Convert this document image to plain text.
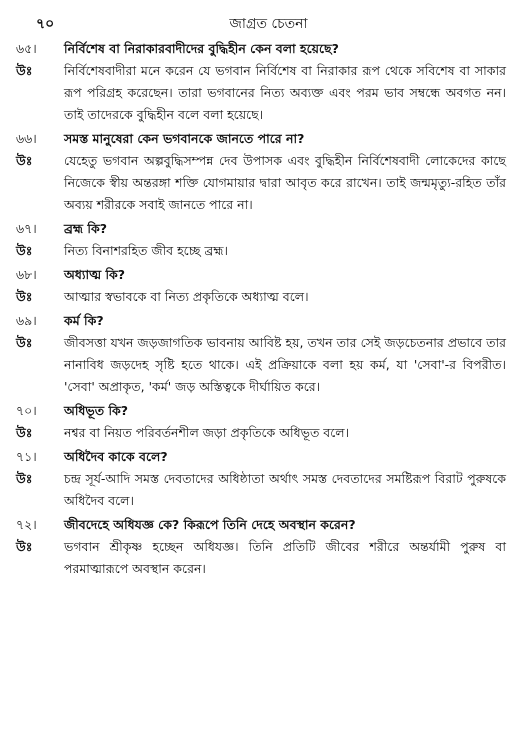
৭০	জাগ্রত চেতনা
৬৫।	নির্বিশেষ বা নিরাকারবাদীদের বুদ্ধিহীন কেন বলা হয়েছে?
উঃ	নির্বিশেষবাদীরা মনে করেন যে ভগবান নির্বিশেষ বা নিরাকার রূপ থেকে সবিশেষ বা সাকার রূপ পরিগ্রহ করেছেন। তারা ভগবানের নিত্য অব্যক্ত এবং পরম ভাব সম্বন্ধে অবগত নন। তাই তাদেরকে বুদ্ধিহীন বলে বলা হয়েছে।
৬৬।	সমস্ত মানুষেরা কেন ভগবানকে জানতে পারে না?
উঃ	যেহেতু ভগবান অল্পবুদ্ধিসম্পন্ন দেব উপাসক এবং বুদ্ধিহীন নির্বিশেষবাদী লোকেদের কাছে নিজেকে স্বীয় অন্তরঙ্গা শক্তি যোগমায়ার দ্বারা আবৃত করে রাখেন। তাই জন্মমৃত্যু-রহিত তাঁর অব্যয় শরীরকে সবাই জানতে পারে না।
৬৭।	ব্রহ্ম কি?
উঃ	নিত্য বিনাশরহিত জীব হচ্ছে ব্রহ্ম।
৬৮।	অধ্যাত্ম কি?
উঃ	আত্মার স্বভাবকে বা নিত্য প্রকৃতিকে অধ্যাত্ম বলে।
৬৯।	কর্ম কি?
উঃ	জীবসত্তা যখন জড়জাগতিক ভাবনায় আবিষ্ট হয়, তখন তার সেই জড়চেতনার প্রভাবে তার নানাবিধ জড়দেহ সৃষ্টি হতে থাকে। এই প্রক্রিয়াকে বলা হয় কর্ম, যা 'সেবা'-র বিপরীত। 'সেবা' অপ্রাকৃত, 'কর্ম' জড় অস্তিত্বকে দীর্ঘায়িত করে।
৭০।	অধিভূত কি?
উঃ	নশ্বর বা নিয়ত পরিবর্তনশীল জড়া প্রকৃতিকে অধিভূত বলে।
৭১।	অধিদৈব কাকে বলে?
উঃ	চন্দ্র সূর্য-আদি সমস্ত দেবতাদের অধিষ্ঠাতা অর্থাৎ সমস্ত দেবতাদের সমষ্টিরূপ বিরাট পুরুষকে অধিদৈব বলে।
৭২।	জীবদেহে অধিযজ্ঞ কে? কিরূপে তিনি দেহে অবস্থান করেন?
উঃ	ভগবান শ্রীকৃষ্ণ হচ্ছেন অধিযজ্ঞ। তিনি প্রতিটি জীবের শরীরে অন্তর্যামী পুরুষ বা পরমাত্মারূপে অবস্থান করেন।
